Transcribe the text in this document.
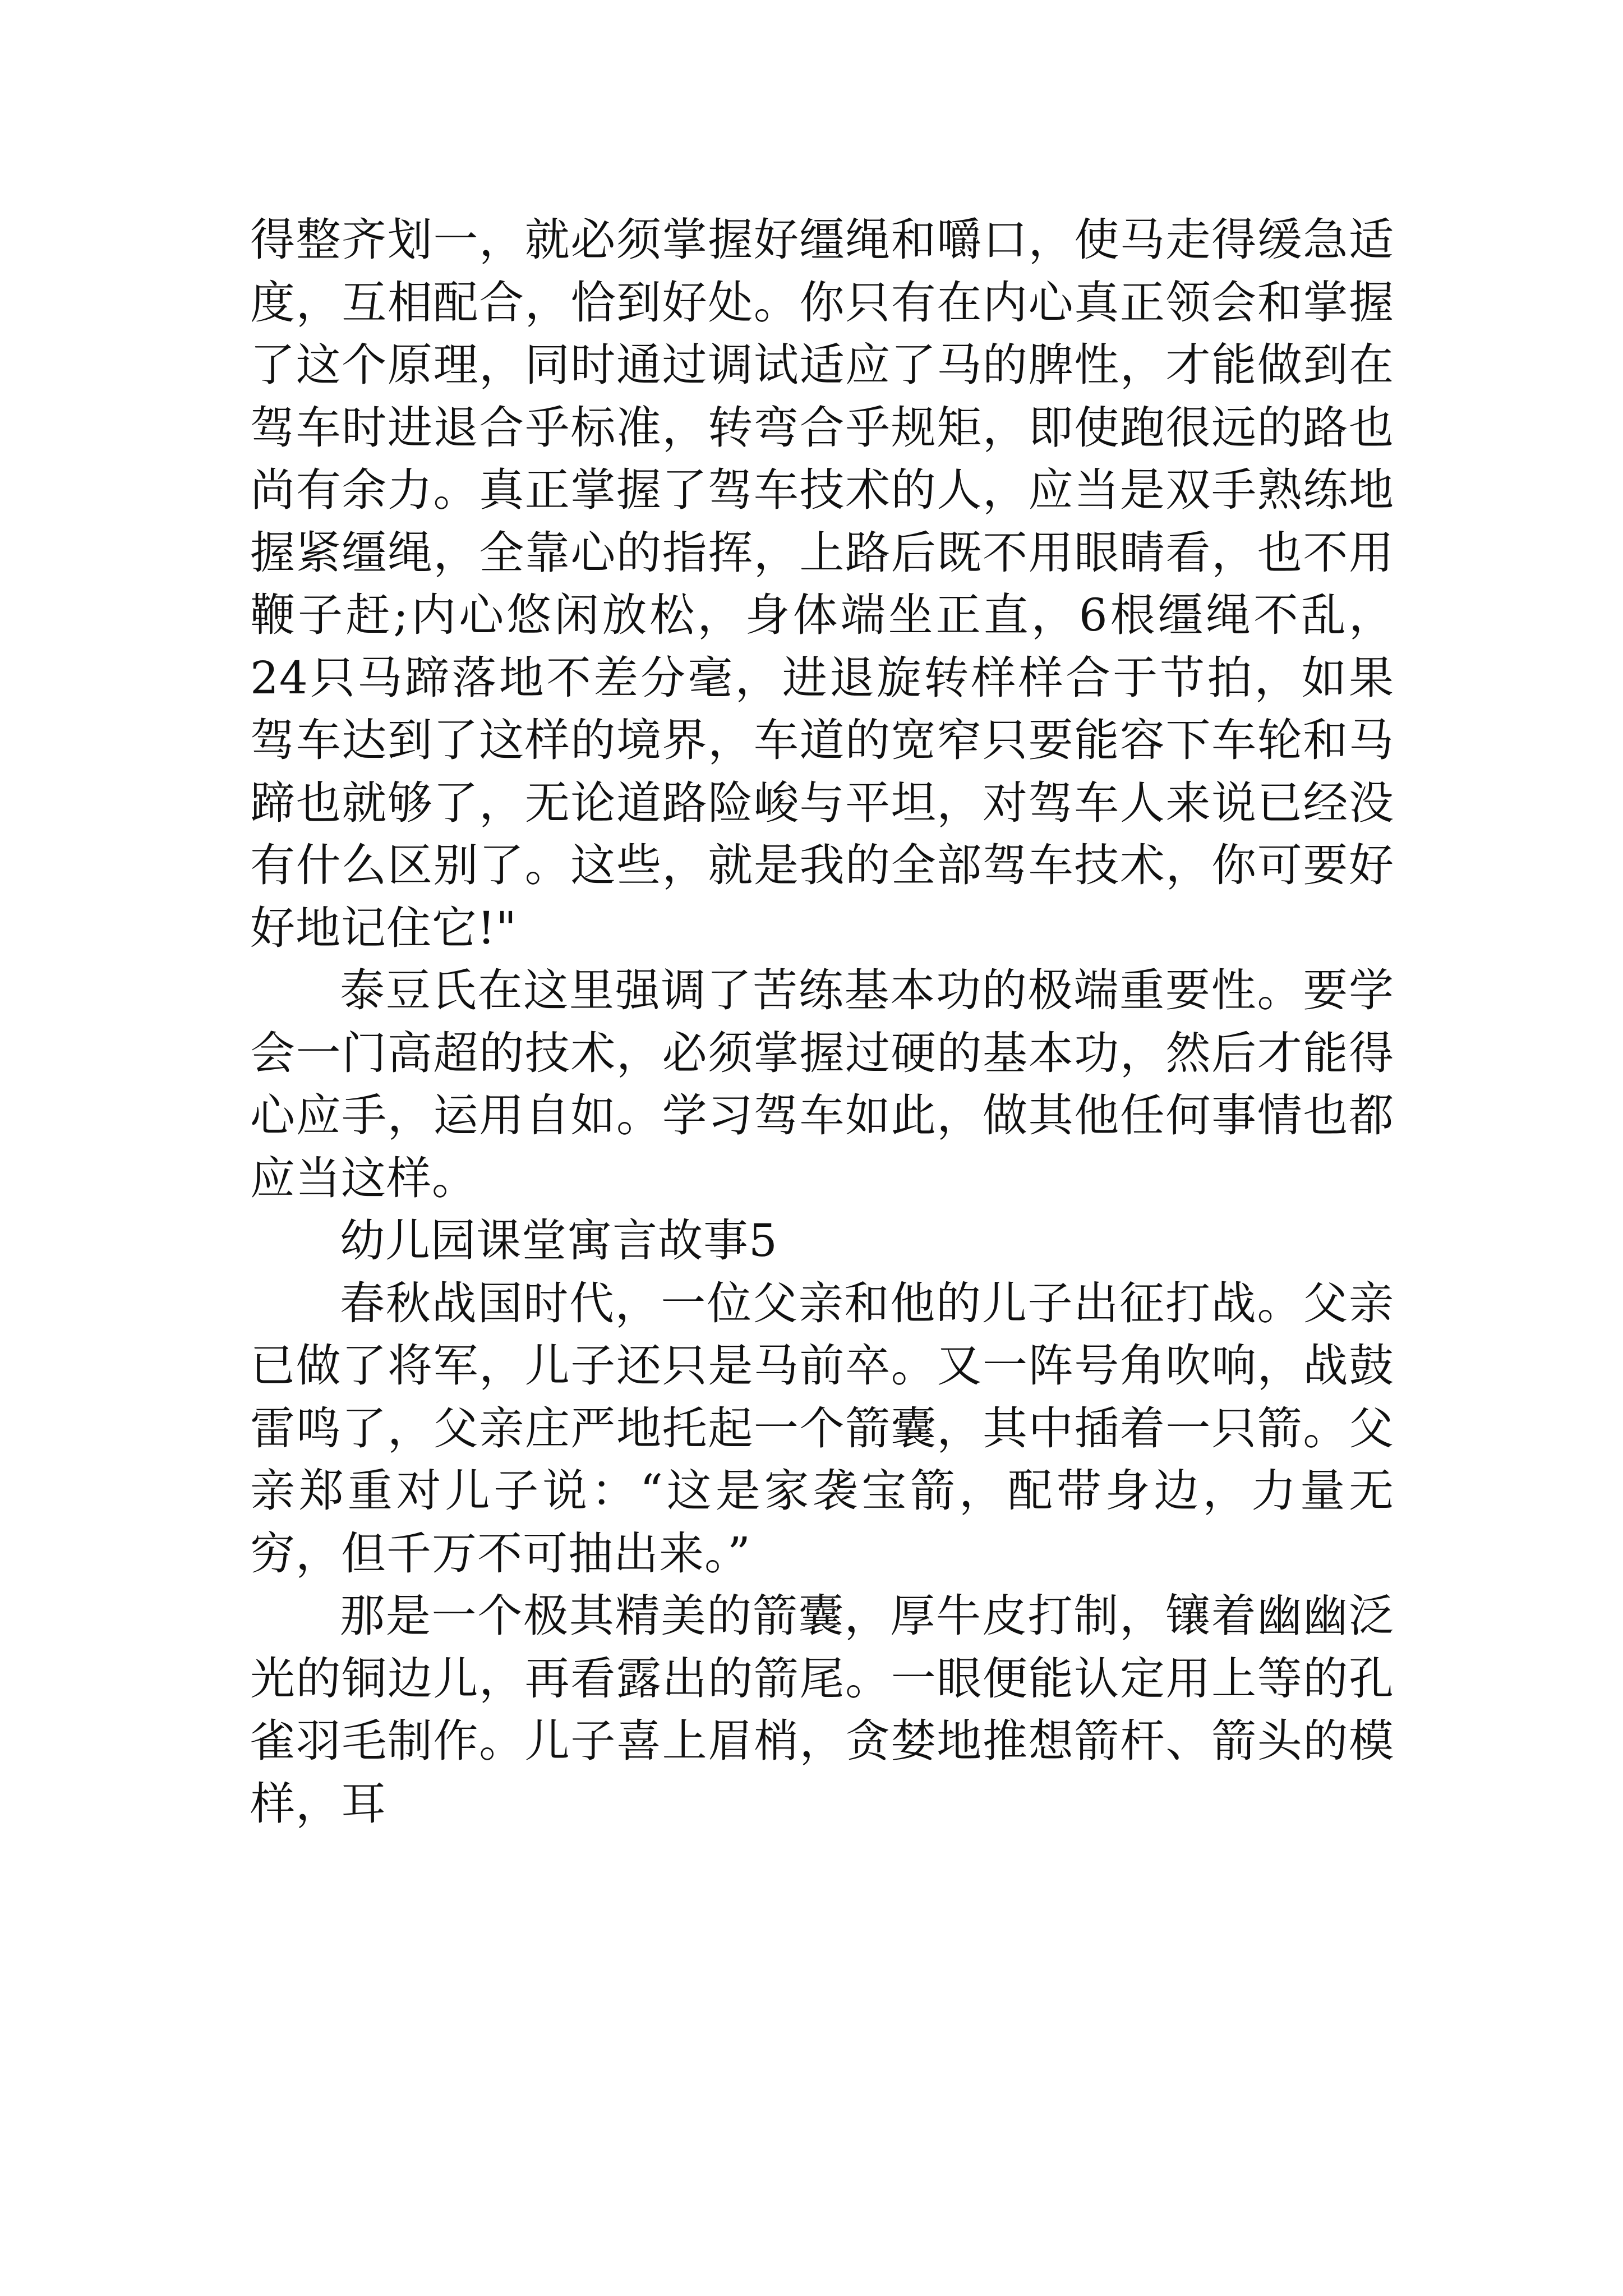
得整齐划一，就必须掌握好缰绳和嚼口，使马走得缓急适度，互相配合，恰到好处。你只有在内心真正领会和掌握了这个原理，同时通过调试适应了马的脾性，才能做到在驾车时进退合乎标准，转弯合乎规矩，即使跑很远的路也尚有余力。真正掌握了驾车技术的人，应当是双手熟练地握紧缰绳，全靠心的指挥，上路后既不用眼睛看，也不用鞭子赶;内心悠闲放松，身体端坐正直，6根缰绳不乱，24只马蹄落地不差分毫，进退旋转样样合于节拍，如果驾车达到了这样的境界，车道的宽窄只要能容下车轮和马蹄也就够了，无论道路险峻与平坦，对驾车人来说已经没有什么区别了。这些，就是我的全部驾车技术，你可要好好地记住它!"

泰豆氏在这里强调了苦练基本功的极端重要性。要学会一门高超的技术，必须掌握过硬的基本功，然后才能得心应手，运用自如。学习驾车如此，做其他任何事情也都应当这样。

幼儿园课堂寓言故事5

春秋战国时代，一位父亲和他的儿子出征打战。父亲已做了将军，儿子还只是马前卒。又一阵号角吹响，战鼓雷鸣了，父亲庄严地托起一个箭囊，其中插着一只箭。父亲郑重对儿子说：“这是家袭宝箭，配带身边，力量无穷，但千万不可抽出来。”

那是一个极其精美的箭囊，厚牛皮打制，镶着幽幽泛光的铜边儿，再看露出的箭尾。一眼便能认定用上等的孔雀羽毛制作。儿子喜上眉梢，贪婪地推想箭杆、箭头的模样，耳
